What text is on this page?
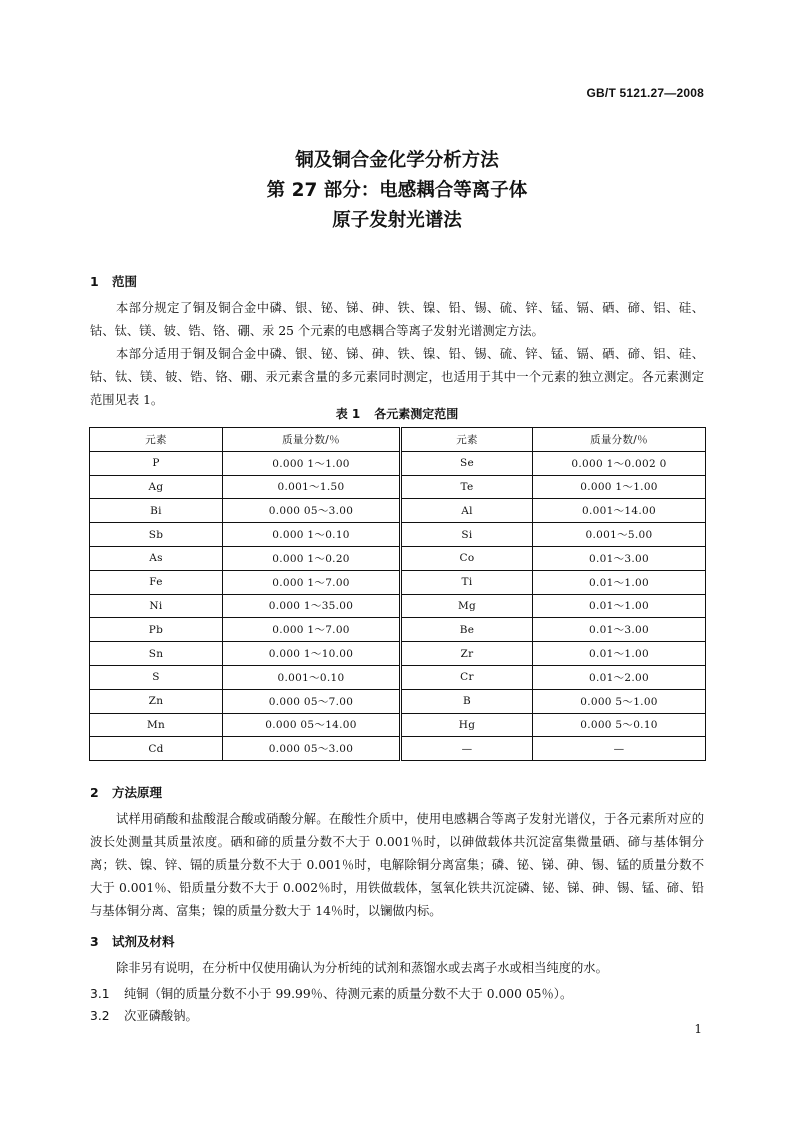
GB/T 5121.27—2008
铜及铜合金化学分析方法
第 27 部分：电感耦合等离子体
原子发射光谱法
1 范围

本部分规定了铜及铜合金中磷、银、铋、锑、砷、铁、镍、铅、锡、硫、锌、锰、镉、硒、碲、铝、硅、钴、钛、镁、铍、锆、铬、硼、汞 25 个元素的电感耦合等离子发射光谱测定方法。

本部分适用于铜及铜合金中磷、银、铋、锑、砷、铁、镍、铅、锡、硫、锌、锰、镉、硒、碲、铝、硅、钴、钛、镁、铍、锆、铬、硼、汞元素含量的多元素同时测定，也适用于其中一个元素的独立测定。各元素测定范围见表 1。

表 1 各元素测定范围
元素	质量分数/％	元素	质量分数/％
P	0.000 1～1.00	Se	0.000 1～0.002 0
Ag	0.001～1.50	Te	0.000 1～1.00
Bi	0.000 05～3.00	Al	0.001～14.00
Sb	0.000 1～0.10	Si	0.001～5.00
As	0.000 1～0.20	Co	0.01～3.00
Fe	0.000 1～7.00	Ti	0.01～1.00
Ni	0.000 1～35.00	Mg	0.01～1.00
Pb	0.000 1～7.00	Be	0.01～3.00
Sn	0.000 1～10.00	Zr	0.01～1.00
S	0.001～0.10	Cr	0.01～2.00
Zn	0.000 05～7.00	B	0.000 5～1.00
Mn	0.000 05～14.00	Hg	0.000 5～0.10
Cd	0.000 05～3.00	—	—
2 方法原理

试样用硝酸和盐酸混合酸或硝酸分解。在酸性介质中，使用电感耦合等离子发射光谱仪，于各元素所对应的波长处测量其质量浓度。硒和碲的质量分数不大于 0.001％时，以砷做载体共沉淀富集微量硒、碲与基体铜分离；铁、镍、锌、镉的质量分数不大于 0.001％时，电解除铜分离富集；磷、铋、锑、砷、锡、锰的质量分数不大于 0.001％、铅质量分数不大于 0.002％时，用铁做载体，氢氧化铁共沉淀磷、铋、锑、砷、锡、锰、碲、铅与基体铜分离、富集；镍的质量分数大于 14％时，以镧做内标。

3 试剂及材料

除非另有说明，在分析中仅使用确认为分析纯的试剂和蒸馏水或去离子水或相当纯度的水。

3.1 纯铜（铜的质量分数不小于 99.99％、待测元素的质量分数不大于 0.000 05％）。
3.2 次亚磷酸钠。
1
